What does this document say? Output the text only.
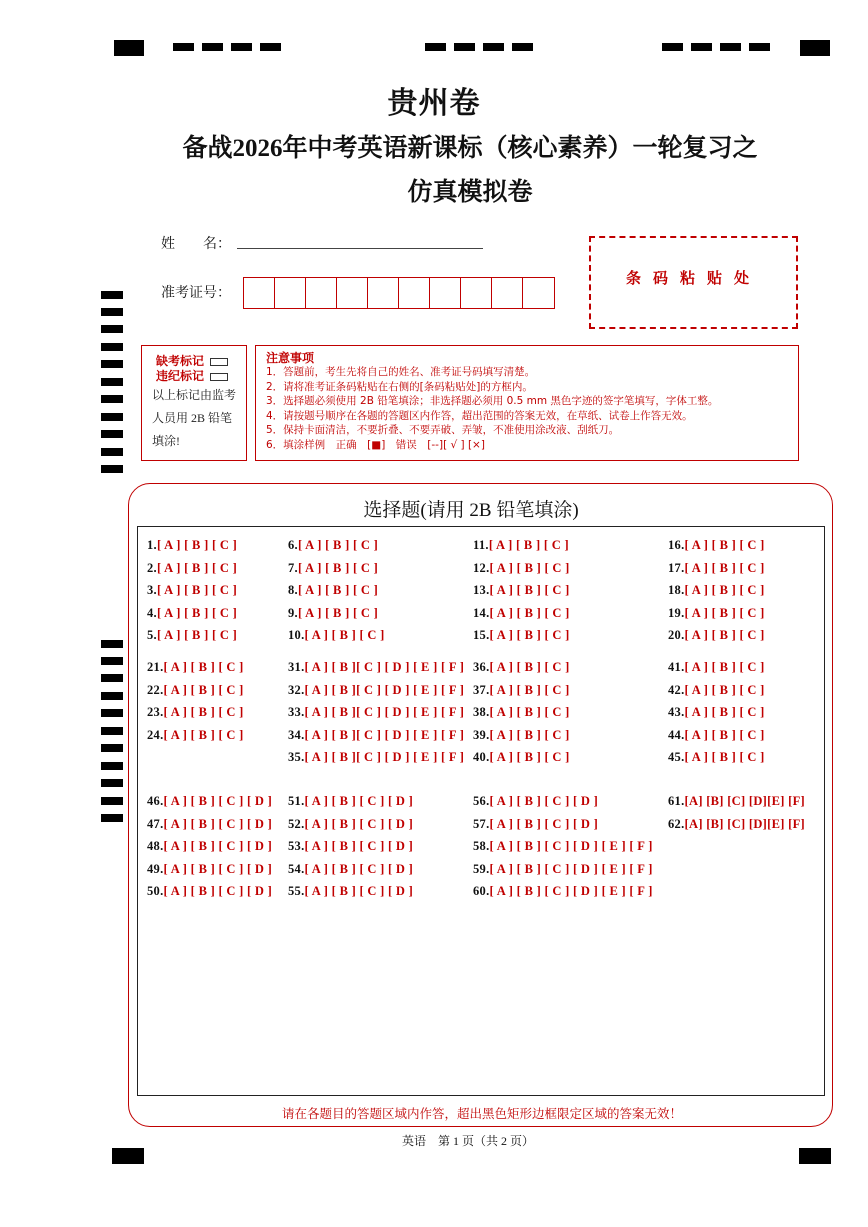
贵州卷
备战2026年中考英语新课标（核心素养）一轮复习之
仿真模拟卷
姓　　名：
准考证号：
条码粘贴处
缺考标记
违纪标记
以上标记由监考
人员用 2B 铅笔
填涂!
注意事项
1．答题前，考生先将自己的姓名、准考证号码填写清楚。
2．请将准考证条码粘贴在右侧的[条码粘贴处]的方框内。
3．选择题必须使用 2B 铅笔填涂；非选择题必须用 0.5 mm 黑色字迹的签字笔填写，字体工整。
4．请按题号顺序在各题的答题区内作答，超出范围的答案无效，在草纸、试卷上作答无效。
5．保持卡面清洁，不要折叠、不要弄破、弄皱，不准使用涂改液、刮纸刀。
6．填涂样例　正确　[■]　错误　[--][ √ ] [×]
选择题(请用 2B 铅笔填涂)
1.[ A ] [ B ] [ C ]
2.[ A ] [ B ] [ C ]
3.[ A ] [ B ] [ C ]
4.[ A ] [ B ] [ C ]
5.[ A ] [ B ] [ C ]
6.[ A ] [ B ] [ C ]
7.[ A ] [ B ] [ C ]
8.[ A ] [ B ] [ C ]
9.[ A ] [ B ] [ C ]
10.[ A ] [ B ] [ C ]
11.[ A ] [ B ] [ C ]
12.[ A ] [ B ] [ C ]
13.[ A ] [ B ] [ C ]
14.[ A ] [ B ] [ C ]
15.[ A ] [ B ] [ C ]
16.[ A ] [ B ] [ C ]
17.[ A ] [ B ] [ C ]
18.[ A ] [ B ] [ C ]
19.[ A ] [ B ] [ C ]
20.[ A ] [ B ] [ C ]
21.[ A ] [ B ] [ C ]
22.[ A ] [ B ] [ C ]
23.[ A ] [ B ] [ C ]
24.[ A ] [ B ] [ C ]
31.[ A ] [ B ][ C ] [ D ] [ E ] [ F ]
32.[ A ] [ B ][ C ] [ D ] [ E ] [ F ]
33.[ A ] [ B ][ C ] [ D ] [ E ] [ F ]
34.[ A ] [ B ][ C ] [ D ] [ E ] [ F ]
35.[ A ] [ B ][ C ] [ D ] [ E ] [ F ]
36.[ A ] [ B ] [ C ]
37.[ A ] [ B ] [ C ]
38.[ A ] [ B ] [ C ]
39.[ A ] [ B ] [ C ]
40.[ A ] [ B ] [ C ]
41.[ A ] [ B ] [ C ]
42.[ A ] [ B ] [ C ]
43.[ A ] [ B ] [ C ]
44.[ A ] [ B ] [ C ]
45.[ A ] [ B ] [ C ]
46.[ A ] [ B ] [ C ] [ D ]
47.[ A ] [ B ] [ C ] [ D ]
48.[ A ] [ B ] [ C ] [ D ]
49.[ A ] [ B ] [ C ] [ D ]
50.[ A ] [ B ] [ C ] [ D ]
51.[ A ] [ B ] [ C ] [ D ]
52.[ A ] [ B ] [ C ] [ D ]
53.[ A ] [ B ] [ C ] [ D ]
54.[ A ] [ B ] [ C ] [ D ]
55.[ A ] [ B ] [ C ] [ D ]
56.[ A ] [ B ] [ C ] [ D ]
57.[ A ] [ B ] [ C ] [ D ]
58.[ A ] [ B ] [ C ] [ D ] [ E ] [ F ]
59.[ A ] [ B ] [ C ] [ D ] [ E ] [ F ]
60.[ A ] [ B ] [ C ] [ D ] [ E ] [ F ]
61.[A] [B] [C] [D][E] [F]
62.[A] [B] [C] [D][E] [F]
请在各题目的答题区域内作答，超出黑色矩形边框限定区域的答案无效！
英语　第 1 页（共 2 页）
